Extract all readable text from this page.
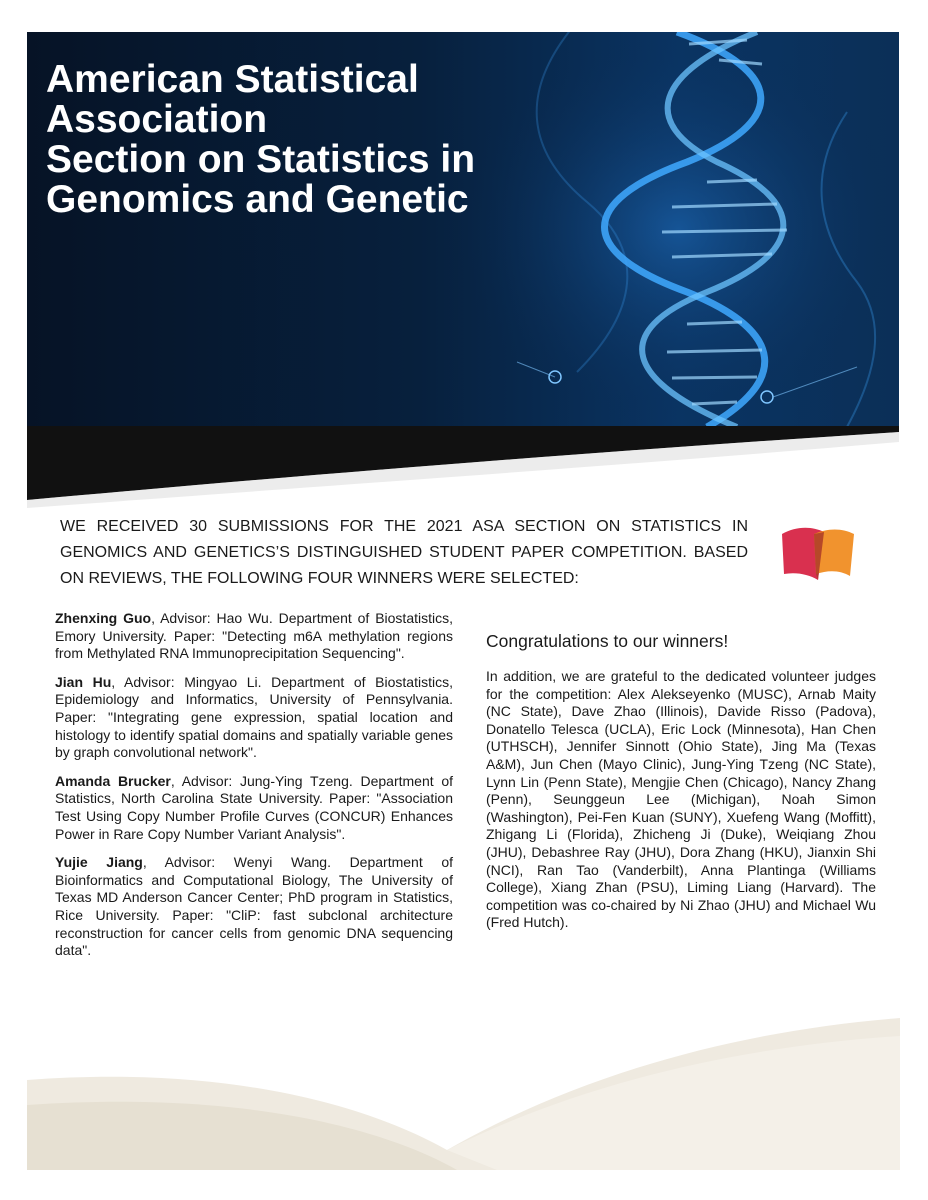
American Statistical
Association
Section on Statistics in
Genomics and Genetic

WE RECEIVED 30 SUBMISSIONS FOR THE 2021 ASA SECTION ON STATISTICS IN GENOMICS AND GENETICS’S DISTINGUISHED STUDENT PAPER COMPETITION. BASED ON REVIEWS, THE FOLLOWING FOUR WINNERS WERE SELECTED:

Zhenxing Guo, Advisor: Hao Wu. Department of Biostatistics, Emory University. Paper: "Detecting m6A methylation regions from Methylated RNA Immunoprecipitation Sequencing".

Jian Hu, Advisor: Mingyao Li. Department of Biostatistics, Epidemiology and Informatics, University of Pennsylvania. Paper: "Integrating gene expression, spatial location and histology to identify spatial domains and spatially variable genes by graph convolutional network".

Amanda Brucker, Advisor: Jung-Ying Tzeng. Department of Statistics, North Carolina State University. Paper: "Association Test Using Copy Number Profile Curves (CONCUR) Enhances Power in Rare Copy Number Variant Analysis".

Yujie Jiang, Advisor: Wenyi Wang. Department of Bioinformatics and Computational Biology, The University of Texas MD Anderson Cancer Center; PhD program in Statistics, Rice University. Paper: "CliP: fast subclonal architecture reconstruction for cancer cells from genomic DNA sequencing data".

Congratulations to our winners!

In addition, we are grateful to the dedicated volunteer judges for the competition: Alex Alekseyenko (MUSC), Arnab Maity (NC State), Dave Zhao (Illinois), Davide Risso (Padova), Donatello Telesca (UCLA), Eric Lock (Minnesota), Han Chen (UTHSCH), Jennifer Sinnott (Ohio State), Jing Ma (Texas A&M), Jun Chen (Mayo Clinic), Jung-Ying Tzeng (NC State), Lynn Lin (Penn State), Mengjie Chen (Chicago), Nancy Zhang (Penn), Seunggeun Lee (Michigan), Noah Simon (Washington), Pei-Fen Kuan (SUNY), Xuefeng Wang (Moffitt), Zhigang Li (Florida), Zhicheng Ji (Duke), Weiqiang Zhou (JHU), Debashree Ray (JHU), Dora Zhang (HKU), Jianxin Shi (NCI), Ran Tao (Vanderbilt), Anna Plantinga (Williams College), Xiang Zhan (PSU), Liming Liang (Harvard). The competition was co-chaired by Ni Zhao (JHU) and Michael Wu (Fred Hutch).
